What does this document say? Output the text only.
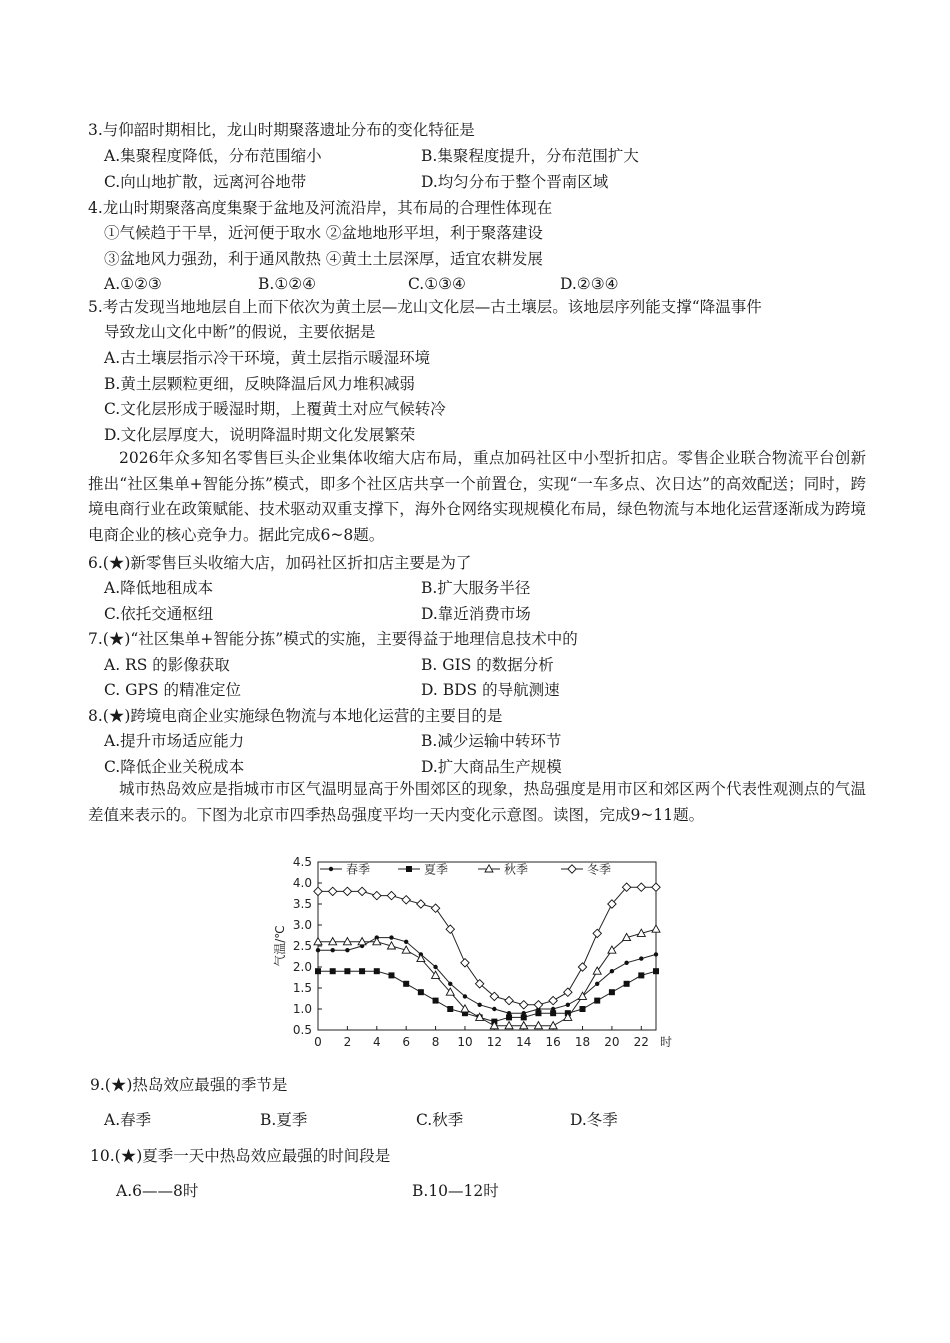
3.与仰韶时期相比，龙山时期聚落遗址分布的变化特征是
A.集聚程度降低，分布范围缩小	B.集聚程度提升，分布范围扩大
C.向山地扩散，远离河谷地带	D.均匀分布于整个晋南区域
4.龙山时期聚落高度集聚于盆地及河流沿岸，其布局的合理性体现在
①气候趋于干旱，近河便于取水 ②盆地地形平坦，利于聚落建设
③盆地风力强劲，利于通风散热 ④黄土土层深厚，适宜农耕发展
A.①②③	B.①②④	C.①③④	D.②③④
5.考古发现当地地层自上而下依次为黄土层—龙山文化层—古土壤层。该地层序列能支撑“降温事件
导致龙山文化中断”的假说，主要依据是
A.古土壤层指示冷干环境，黄土层指示暖湿环境
B.黄土层颗粒更细，反映降温后风力堆积减弱
C.文化层形成于暖湿时期，上覆黄土对应气候转冷
D.文化层厚度大，说明降温时期文化发展繁荣
2026年众多知名零售巨头企业集体收缩大店布局，重点加码社区中小型折扣店。零售企业联合物流平台创新推出“社区集单+智能分拣”模式，即多个社区店共享一个前置仓，实现“一车多点、次日达”的高效配送；同时，跨境电商行业在政策赋能、技术驱动双重支撑下，海外仓网络实现规模化布局，绿色物流与本地化运营逐渐成为跨境电商企业的核心竞争力。据此完成6~8题。
6.(★)新零售巨头收缩大店，加码社区折扣店主要是为了
A.降低地租成本	B.扩大服务半径
C.依托交通枢纽	D.靠近消费市场
7.(★)“社区集单+智能分拣”模式的实施，主要得益于地理信息技术中的
A. RS 的影像获取	B. GIS 的数据分析
C. GPS 的精准定位	D. BDS 的导航测速
8.(★)跨境电商企业实施绿色物流与本地化运营的主要目的是
A.提升市场适应能力	B.减少运输中转环节
C.降低企业关税成本	D.扩大商品生产规模
城市热岛效应是指城市市区气温明显高于外围郊区的现象，热岛强度是用市区和郊区两个代表性观测点的气温差值来表示的。下图为北京市四季热岛强度平均一天内变化示意图。读图，完成9~11题。
4.5
4.0
3.5
3.0
2.5
2.0
1.5
1.0
0.5
0 2 4 6 8 10 12 14 16 18 20 22 时
气温/℃
春季	夏季	秋季	冬季
9.(★)热岛效应最强的季节是
A.春季	B.夏季	C.秋季	D.冬季
10.(★)夏季一天中热岛效应最强的时间段是
A.6——8时	B.10—12时
